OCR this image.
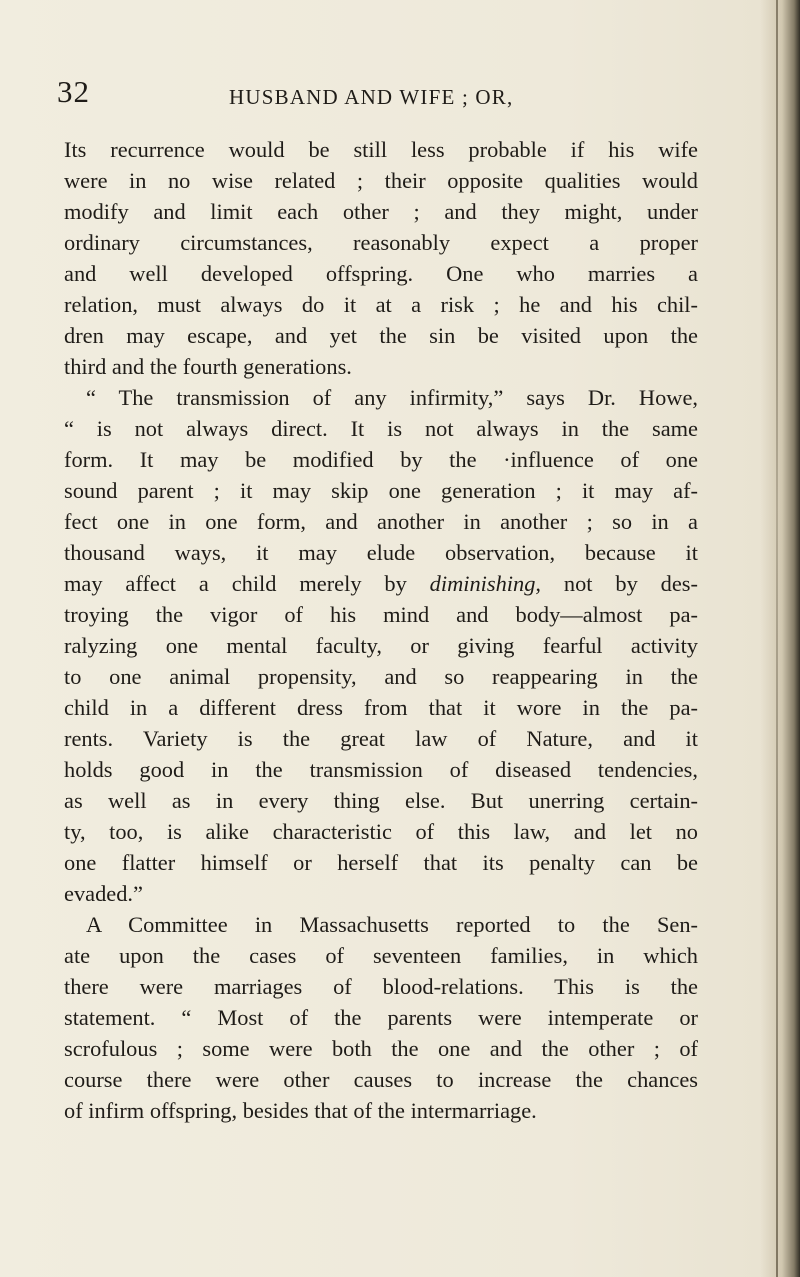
32	HUSBAND AND WIFE ; OR,
Its recurrence would be still less probable if his wife
were in no wise related ; their opposite qualities would
modify and limit each other ; and they might, under
ordinary circumstances, reasonably expect a proper
and well developed offspring. One who marries a
relation, must always do it at a risk ; he and his chil-
dren may escape, and yet the sin be visited upon the
third and the fourth generations.
“ The transmission of any infirmity,” says Dr. Howe,
“ is not always direct. It is not always in the same
form. It may be modified by the ·influence of one
sound parent ; it may skip one generation ; it may af-
fect one in one form, and another in another ; so in a
thousand ways, it may elude observation, because it
may affect a child merely by diminishing, not by des-
troying the vigor of his mind and body—almost pa-
ralyzing one mental faculty, or giving fearful activity
to one animal propensity, and so reappearing in the
child in a different dress from that it wore in the pa-
rents. Variety is the great law of Nature, and it
holds good in the transmission of diseased tendencies,
as well as in every thing else. But unerring certain-
ty, too, is alike characteristic of this law, and let no
one flatter himself or herself that its penalty can be
evaded.”
A Committee in Massachusetts reported to the Sen-
ate upon the cases of seventeen families, in which
there were marriages of blood-relations. This is the
statement. “ Most of the parents were intemperate or
scrofulous ; some were both the one and the other ; of
course there were other causes to increase the chances
of infirm offspring, besides that of the intermarriage.
